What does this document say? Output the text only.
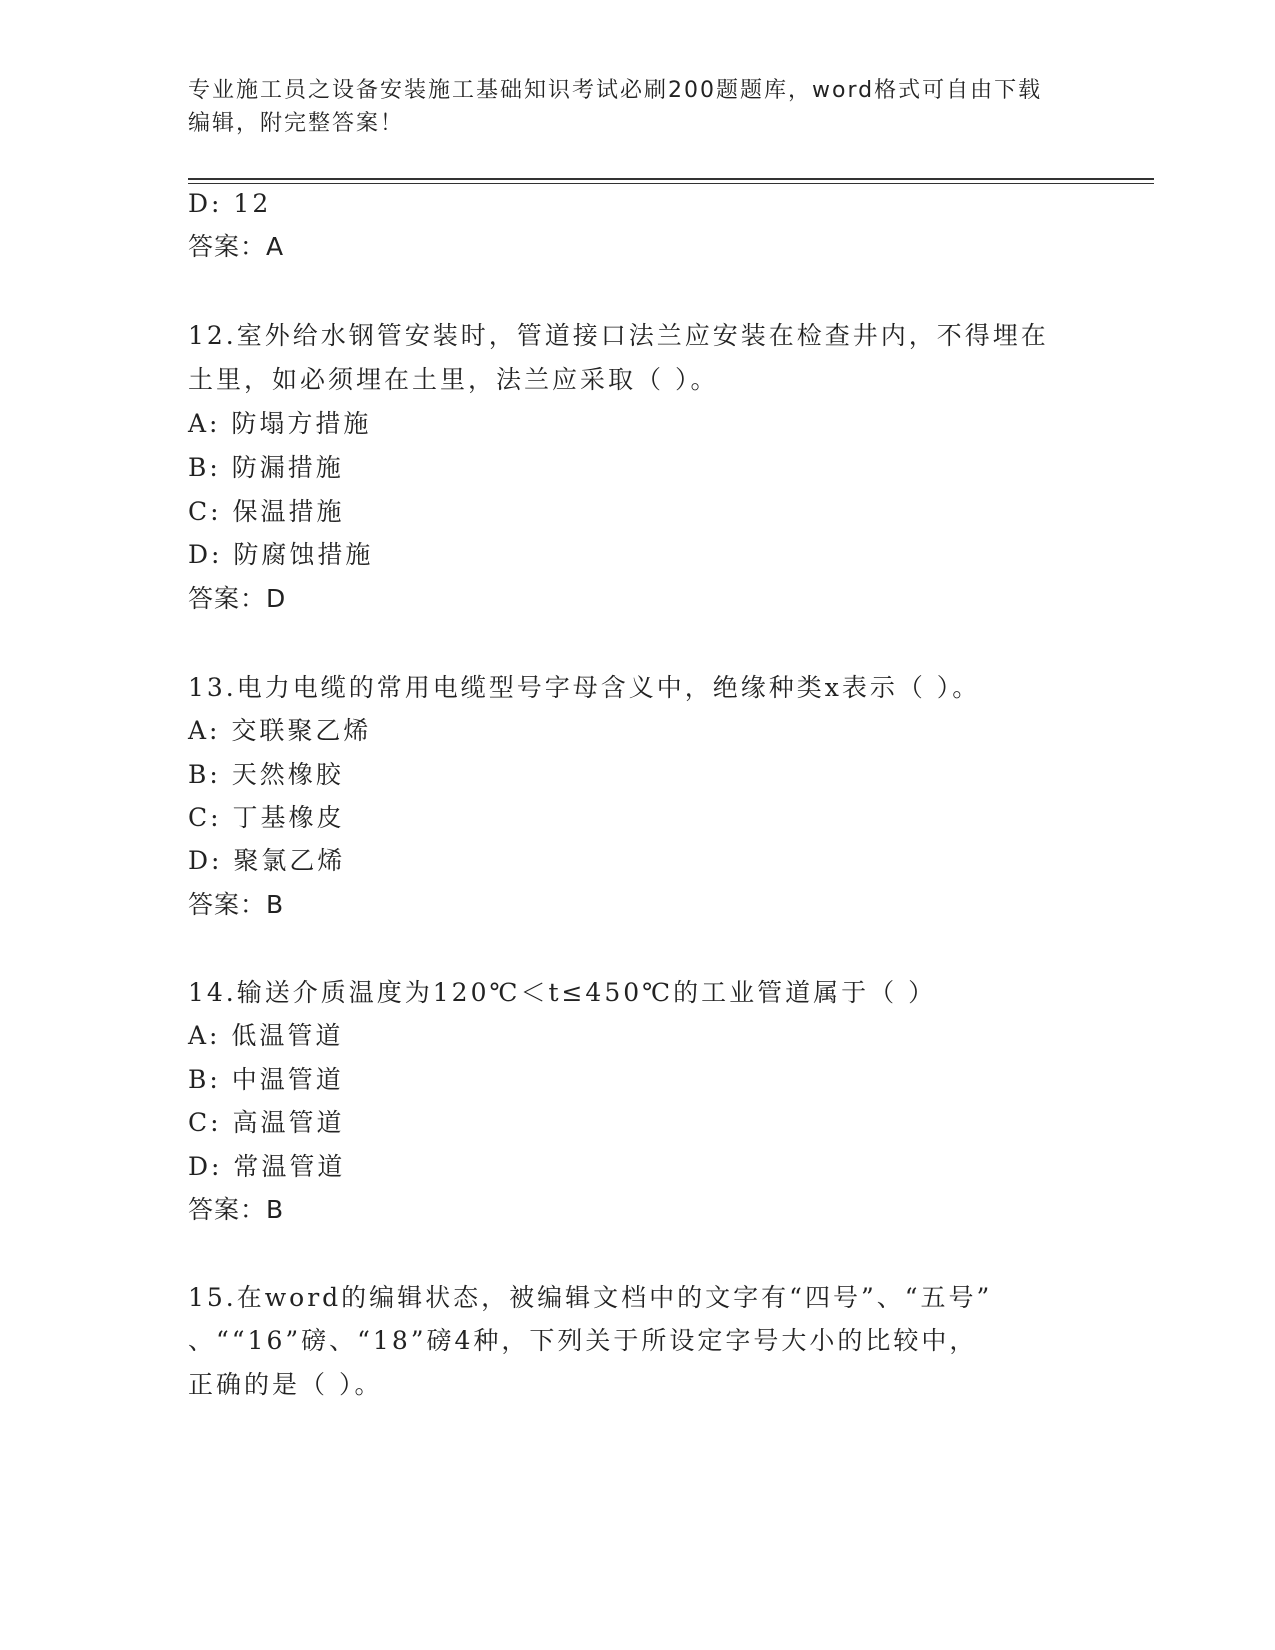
专业施工员之设备安装施工基础知识考试必刷200题题库，word格式可自由下载
编辑，附完整答案！
D: 12
答案：A
12.室外给水钢管安装时，管道接口法兰应安装在检查井内，不得埋在
土里，如必须埋在土里，法兰应采取（ ）。
A: 防塌方措施
B: 防漏措施
C: 保温措施
D: 防腐蚀措施
答案：D
13.电力电缆的常用电缆型号字母含义中，绝缘种类x表示（ ）。
A: 交联聚乙烯
B: 天然橡胶
C: 丁基橡皮
D: 聚氯乙烯
答案：B
14.输送介质温度为120℃＜t≤450℃的工业管道属于（ ）
A: 低温管道
B: 中温管道
C: 高温管道
D: 常温管道
答案：B
15.在word的编辑状态，被编辑文档中的文字有“四号”、“五号”
、““16”磅、“18”磅4种，下列关于所设定字号大小的比较中，
正确的是（ ）。
